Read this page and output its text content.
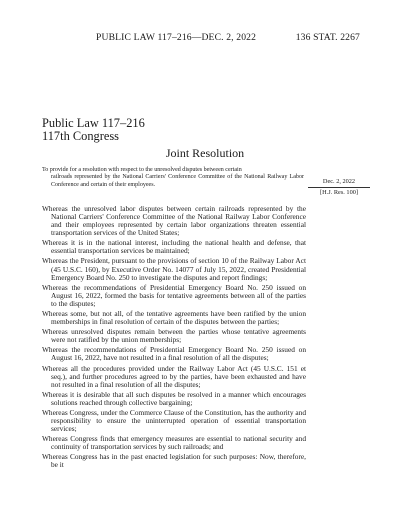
PUBLIC LAW 117–216—DEC. 2, 2022	136 STAT. 2267
Public Law 117–216
117th Congress
Joint Resolution
To provide for a resolution with respect to the unresolved disputes between certain
railroads represented by the National Carriers' Conference Committee of the National Railway Labor Conference and certain of their employees.	Dec. 2, 2022
[H.J. Res. 100]

Whereas the unresolved labor disputes between certain railroads represented by the National Carriers' Conference Committee of the National Railway Labor Conference and their employees represented by certain labor organizations threaten essential transportation services of the United States;

Whereas it is in the national interest, including the national health and defense, that essential transportation services be maintained;

Whereas the President, pursuant to the provisions of section 10 of the Railway Labor Act (45 U.S.C. 160), by Executive Order No. 14077 of July 15, 2022, created Presidential Emergency Board No. 250 to investigate the disputes and report findings;

Whereas the recommendations of Presidential Emergency Board No. 250 issued on August 16, 2022, formed the basis for tentative agreements between all of the parties to the disputes;

Whereas some, but not all, of the tentative agreements have been ratified by the union memberships in final resolution of certain of the disputes between the parties;

Whereas unresolved disputes remain between the parties whose tentative agreements were not ratified by the union memberships;

Whereas the recommendations of Presidential Emergency Board No. 250 issued on August 16, 2022, have not resulted in a final resolution of all the disputes;

Whereas all the procedures provided under the Railway Labor Act (45 U.S.C. 151 et seq.), and further procedures agreed to by the parties, have been exhausted and have not resulted in a final resolution of all the disputes;

Whereas it is desirable that all such disputes be resolved in a manner which encourages solutions reached through collective bargaining;

Whereas Congress, under the Commerce Clause of the Constitution, has the authority and responsibility to ensure the uninterrupted operation of essential transportation services;

Whereas Congress finds that emergency measures are essential to national security and continuity of transportation services by such railroads; and

Whereas Congress has in the past enacted legislation for such purposes: Now, therefore, be it
